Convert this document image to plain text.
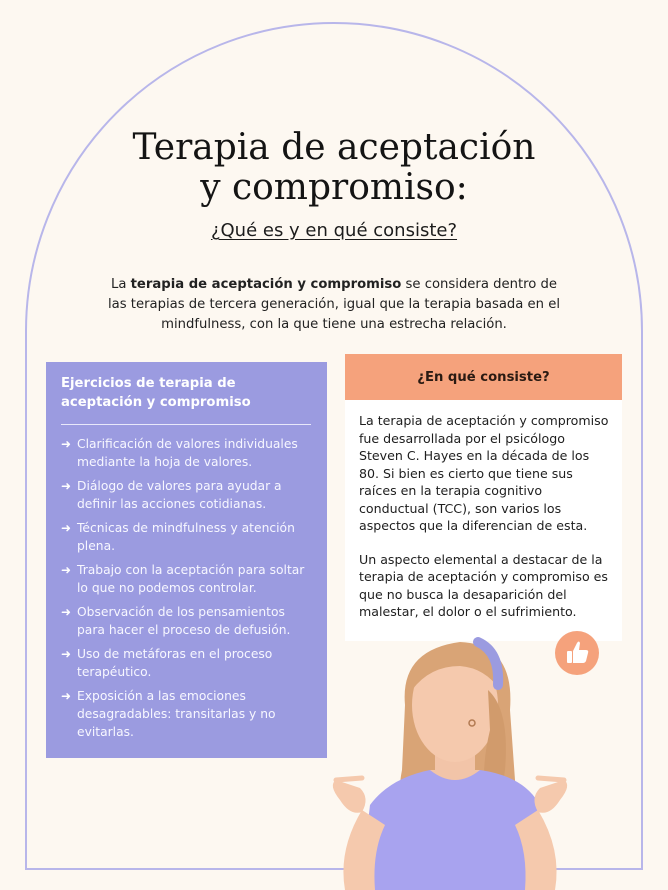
Terapia de aceptación
y compromiso:
¿Qué es y en qué consiste?
La terapia de aceptación y compromiso se considera dentro de las terapias de tercera generación, igual que la terapia basada en el mindfulness, con la que tiene una estrecha relación.
Ejercicios de terapia de aceptación y compromiso
➜ Clarificación de valores individuales mediante la hoja de valores.
➜ Diálogo de valores para ayudar a definir las acciones cotidianas.
➜ Técnicas de mindfulness y atención plena.
➜ Trabajo con la aceptación para soltar lo que no podemos controlar.
➜ Observación de los pensamientos para hacer el proceso de defusión.
➜ Uso de metáforas en el proceso terapéutico.
➜ Exposición a las emociones desagradables: transitarlas y no evitarlas.
¿En qué consiste?

La terapia de aceptación y compromiso fue desarrollada por el psicólogo Steven C. Hayes en la década de los 80. Si bien es cierto que tiene sus raíces en la terapia cognitivo conductual (TCC), son varios los aspectos que la diferencian de esta.

Un aspecto elemental a destacar de la terapia de aceptación y compromiso es que no busca la desaparición del malestar, el dolor o el sufrimiento.
